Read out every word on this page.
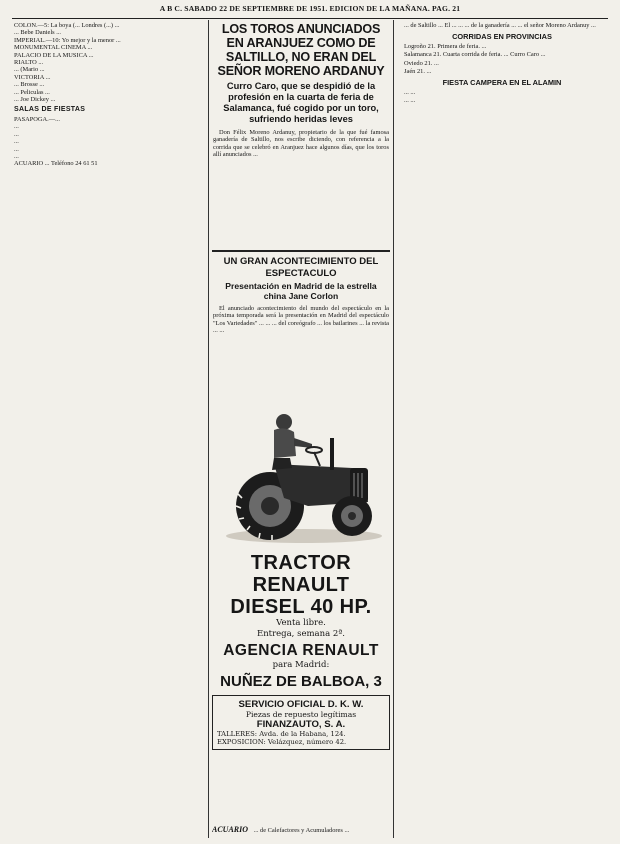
A B C. SABADO 22 DE SEPTIEMBRE DE 1951. EDICION DE LA MAÑANA. PAG. 21

COLON.—5: La boya (... Londres (...) ...

... Bebe Daniels ...

IMPERIAL.—10: Yo mejor y la menor ...

MONUMENTAL CINEMA ...

PALACIO DE LA MUSICA ...

RIALTO ...

... (Mario ...

VICTORIA ...

... Brosse ...

... Peliculas ...

... Joe Dickey ...

SALAS DE FIESTAS

PASAPOGA.—...

...

...

...

...

...

ACUARIO ... Teléfono 24 61 51

LOS TOROS ANUNCIADOS EN ARANJUEZ COMO DE SALTILLO, NO ERAN DEL SEÑOR MORENO ARDANUY
Curro Caro, que se despidió de la profesión en la cuarta de feria de Salamanca, fué cogido por un toro, sufriendo heridas leves

Don Félix Moreno Ardanuy, propietario de la que fué famosa ganadería de Saltillo, nos escribe diciendo, con referencia a la corrida que se celebró en Aranjuez hace algunos días, que los toros allí anunciados ...

UN GRAN ACONTECIMIENTO DEL ESPECTACULO
Presentación en Madrid de la estrella china Jane Corlon

El anunciado acontecimiento del mundo del espectáculo en la próxima temporada será la presentación en Madrid del espectáculo "Los Variedades" ... ... ... del coreógrafo ... los bailarines ... la revista ... ...

TRACTOR RENAULT
DIESEL 40 HP.
Venta libre.
Entrega, semana 2ª.
AGENCIA RENAULT
para Madrid:
NUÑEZ DE BALBOA, 3
SERVICIO OFICIAL D. K. W.
Piezas de repuesto legítimas
FINANZAUTO, S. A.
TALLERES: Avda. de la Habana, 124.
EXPOSICION: Velázquez, número 42.
ACUARIO ... de Calefactores y Acumuladores ...

... de Saltillo ... El ... ... ... de la ganadería ... ... el señor Moreno Ardanuy ...

CORRIDAS EN PROVINCIAS

Logroño 21. Primera de feria. ...

Salamanca 21. Cuarta corrida de feria. ... Curro Caro ...

Oviedo 21. ...

Jaén 21. ...

FIESTA CAMPERA EN EL ALAMIN

... ...

... ...
